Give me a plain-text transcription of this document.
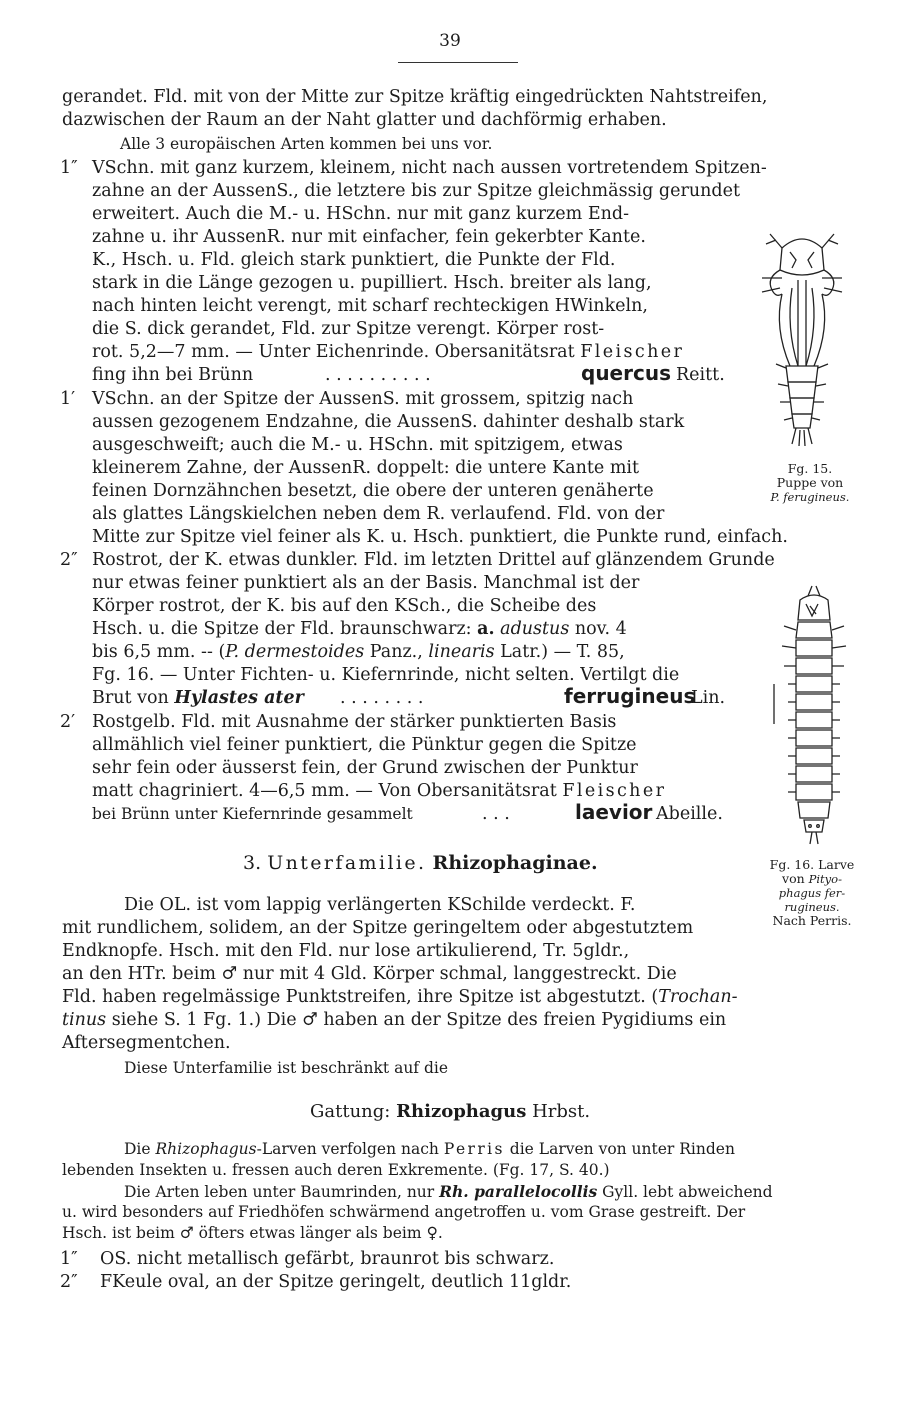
39
gerandet. Fld. mit von der Mitte zur Spitze kräftig eingedrückten Nahtstreifen,
dazwischen der Raum an der Naht glatter und dachförmig erhaben.
Alle 3 europäischen Arten kommen bei uns vor.
1″ VSchn. mit ganz kurzem, kleinem, nicht nach aussen vortretendem Spitzen-
zahne an der AussenS., die letztere bis zur Spitze gleichmässig gerundet
erweitert. Auch die M.- u. HSchn. nur mit ganz kurzem End-
zahne u. ihr AussenR. nur mit einfacher, fein gekerbter Kante.
K., Hsch. u. Fld. gleich stark punktiert, die Punkte der Fld.
stark in die Länge gezogen u. pupilliert. Hsch. breiter als lang,
nach hinten leicht verengt, mit scharf rechteckigen HWinkeln,
die S. dick gerandet, Fld. zur Spitze verengt. Körper rost-
rot. 5,2—7 mm. — Unter Eichenrinde. Obersanitätsrat Fleischer
fing ihn bei Brünn	. . . . . . . . . .	quercus Reitt.
1′ VSchn. an der Spitze der AussenS. mit grossem, spitzig nach
aussen gezogenem Endzahne, die AussenS. dahinter deshalb stark
ausgeschweift; auch die M.- u. HSchn. mit spitzigem, etwas
kleinerem Zahne, der AussenR. doppelt: die untere Kante mit
feinen Dornzähnchen besetzt, die obere der unteren genäherte
als glattes Längskielchen neben dem R. verlaufend. Fld. von der
Mitte zur Spitze viel feiner als K. u. Hsch. punktiert, die Punkte rund, einfach.
2″ Rostrot, der K. etwas dunkler. Fld. im letzten Drittel auf glänzendem Grunde
nur etwas feiner punktiert als an der Basis. Manchmal ist der
Körper rostrot, der K. bis auf den KSch., die Scheibe des
Hsch. u. die Spitze der Fld. braunschwarz: a. adustus nov. 4
bis 6,5 mm. -- (P. dermestoides Panz., linearis Latr.) — T. 85,
Fg. 16. — Unter Fichten- u. Kiefernrinde, nicht selten. Vertilgt die
Brut von Hylastes ater . . . . . . . .	ferrugineus
Lin.
2′ Rostgelb. Fld. mit Ausnahme der stärker punktierten Basis
allmählich viel feiner punktiert, die Pünktur gegen die Spitze
sehr fein oder äusserst fein, der Grund zwischen der Punktur
matt chagriniert. 4—6,5 mm. — Von Obersanitätsrat Fleischer
bei Brünn unter Kiefernrinde gesammelt	. . .	laevior Abeille.
3. Unterfamilie. Rhizophaginae.
Die OL. ist vom lappig verlängerten KSchilde verdeckt. F.
mit rundlichem, solidem, an der Spitze geringeltem oder abgestutztem
Endknopfe. Hsch. mit den Fld. nur lose artikulierend, Tr. 5gldr.,
an den HTr. beim ♂ nur mit 4 Gld. Körper schmal, langgestreckt. Die
Fld. haben regelmässige Punktstreifen, ihre Spitze ist abgestutzt. (Trochan-
tinus siehe S. 1 Fg. 1.) Die ♂ haben an der Spitze des freien Pygidiums ein
Aftersegmentchen.
Diese Unterfamilie ist beschränkt auf die
Gattung: Rhizophagus Hrbst.
Die Rhizophagus-Larven verfolgen nach Perris die Larven von unter Rinden
lebenden Insekten u. fressen auch deren Exkremente. (Fg. 17, S. 40.)
Die Arten leben unter Baumrinden, nur Rh. parallelocollis Gyll. lebt abweichend
u. wird besonders auf Friedhöfen schwärmend angetroffen u. vom Grase gestreift. Der
Hsch. ist beim ♂ öfters etwas länger als beim ♀.
1″ OS. nicht metallisch gefärbt, braunrot bis schwarz.
2″ FKeule oval, an der Spitze geringelt, deutlich 11gldr.
Fg. 15.
Puppe von
P. ferugineus.
Fg. 16. Larve
von Pityo-
phagus fer-
rugineus.
Nach Perris.
